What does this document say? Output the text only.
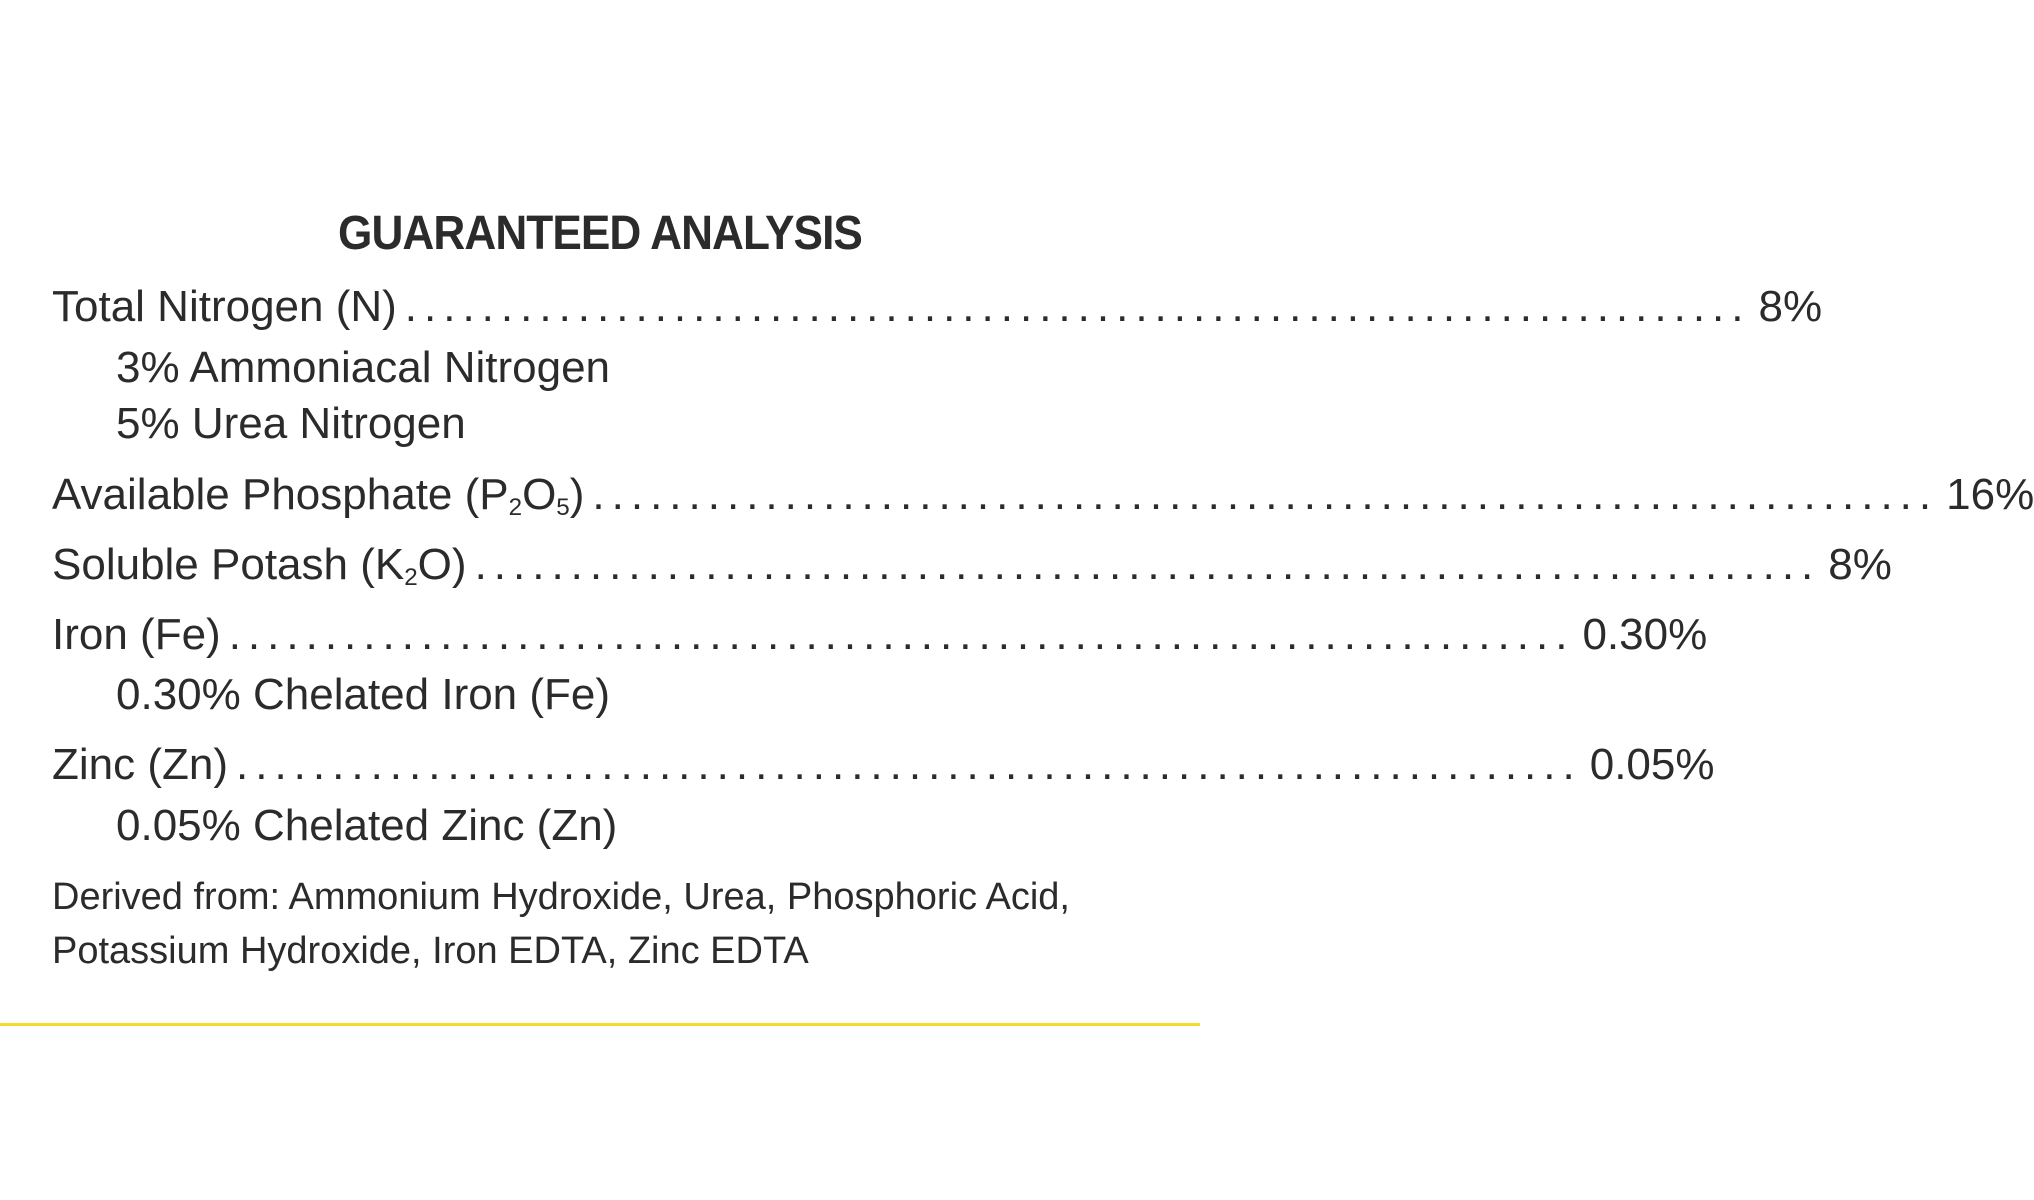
GUARANTEED ANALYSIS
Total Nitrogen (N) ...................................................................... 8%
3% Ammoniacal Nitrogen
5% Urea Nitrogen
Available Phosphate $(P_2O_5)$ ...................................................................... 16%
Soluble Potash $(K_2O)$ ...................................................................... 8%
Iron (Fe) ...................................................................... 0.30%
0.30% Chelated Iron (Fe)
Zinc (Zn) ...................................................................... 0.05%
0.05% Chelated Zinc (Zn)
Derived from: Ammonium Hydroxide, Urea, Phosphoric Acid,
Potassium Hydroxide, Iron EDTA, Zinc EDTA
